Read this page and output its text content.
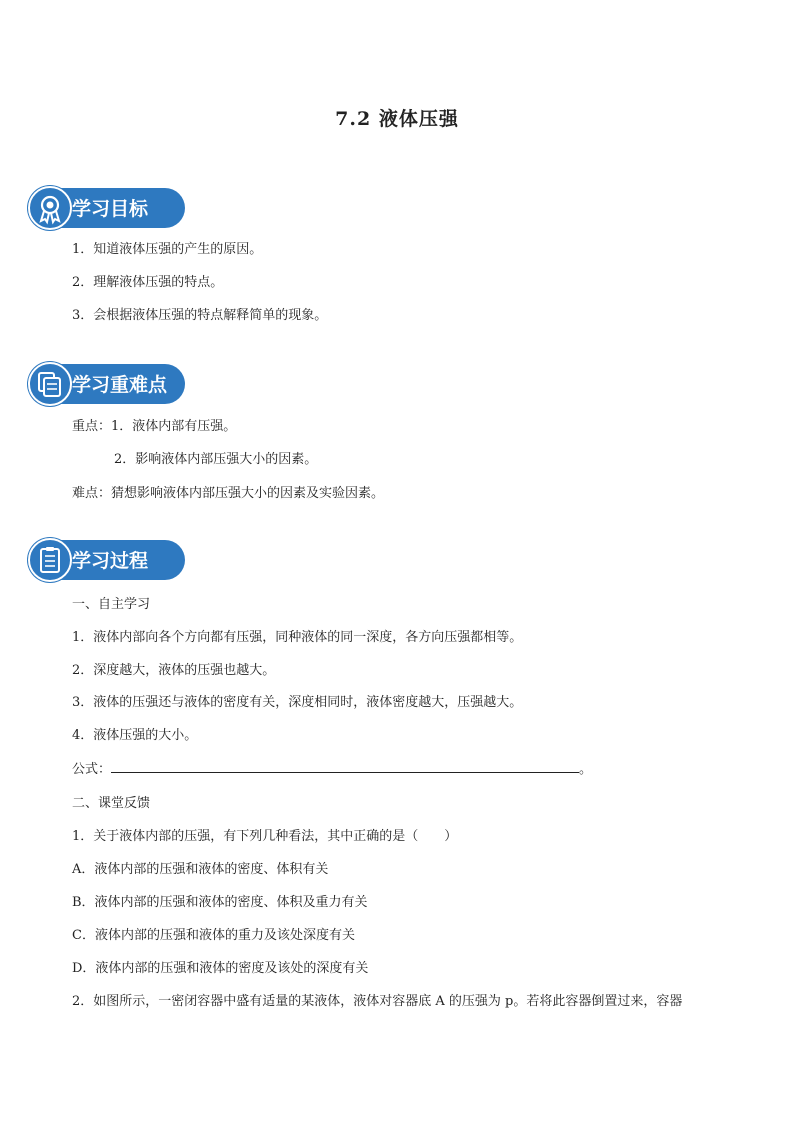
7.2 液体压强
学习目标
1．知道液体压强的产生的原因。
2．理解液体压强的特点。
3．会根据液体压强的特点解释简单的现象。
学习重难点
重点：1．液体内部有压强。
2．影响液体内部压强大小的因素。
难点：猜想影响液体内部压强大小的因素及实验因素。
学习过程
一、自主学习
1．液体内部向各个方向都有压强，同种液体的同一深度，各方向压强都相等。
2．深度越大，液体的压强也越大。
3．液体的压强还与液体的密度有关，深度相同时，液体密度越大，压强越大。
4．液体压强的大小。
公式：	。
二、课堂反馈
1．关于液体内部的压强，有下列几种看法，其中正确的是（　　）
A．液体内部的压强和液体的密度、体积有关
B．液体内部的压强和液体的密度、体积及重力有关
C．液体内部的压强和液体的重力及该处深度有关
D．液体内部的压强和液体的密度及该处的深度有关
2．如图所示，一密闭容器中盛有适量的某液体，液体对容器底 A 的压强为 p。若将此容器倒置过来，容器
